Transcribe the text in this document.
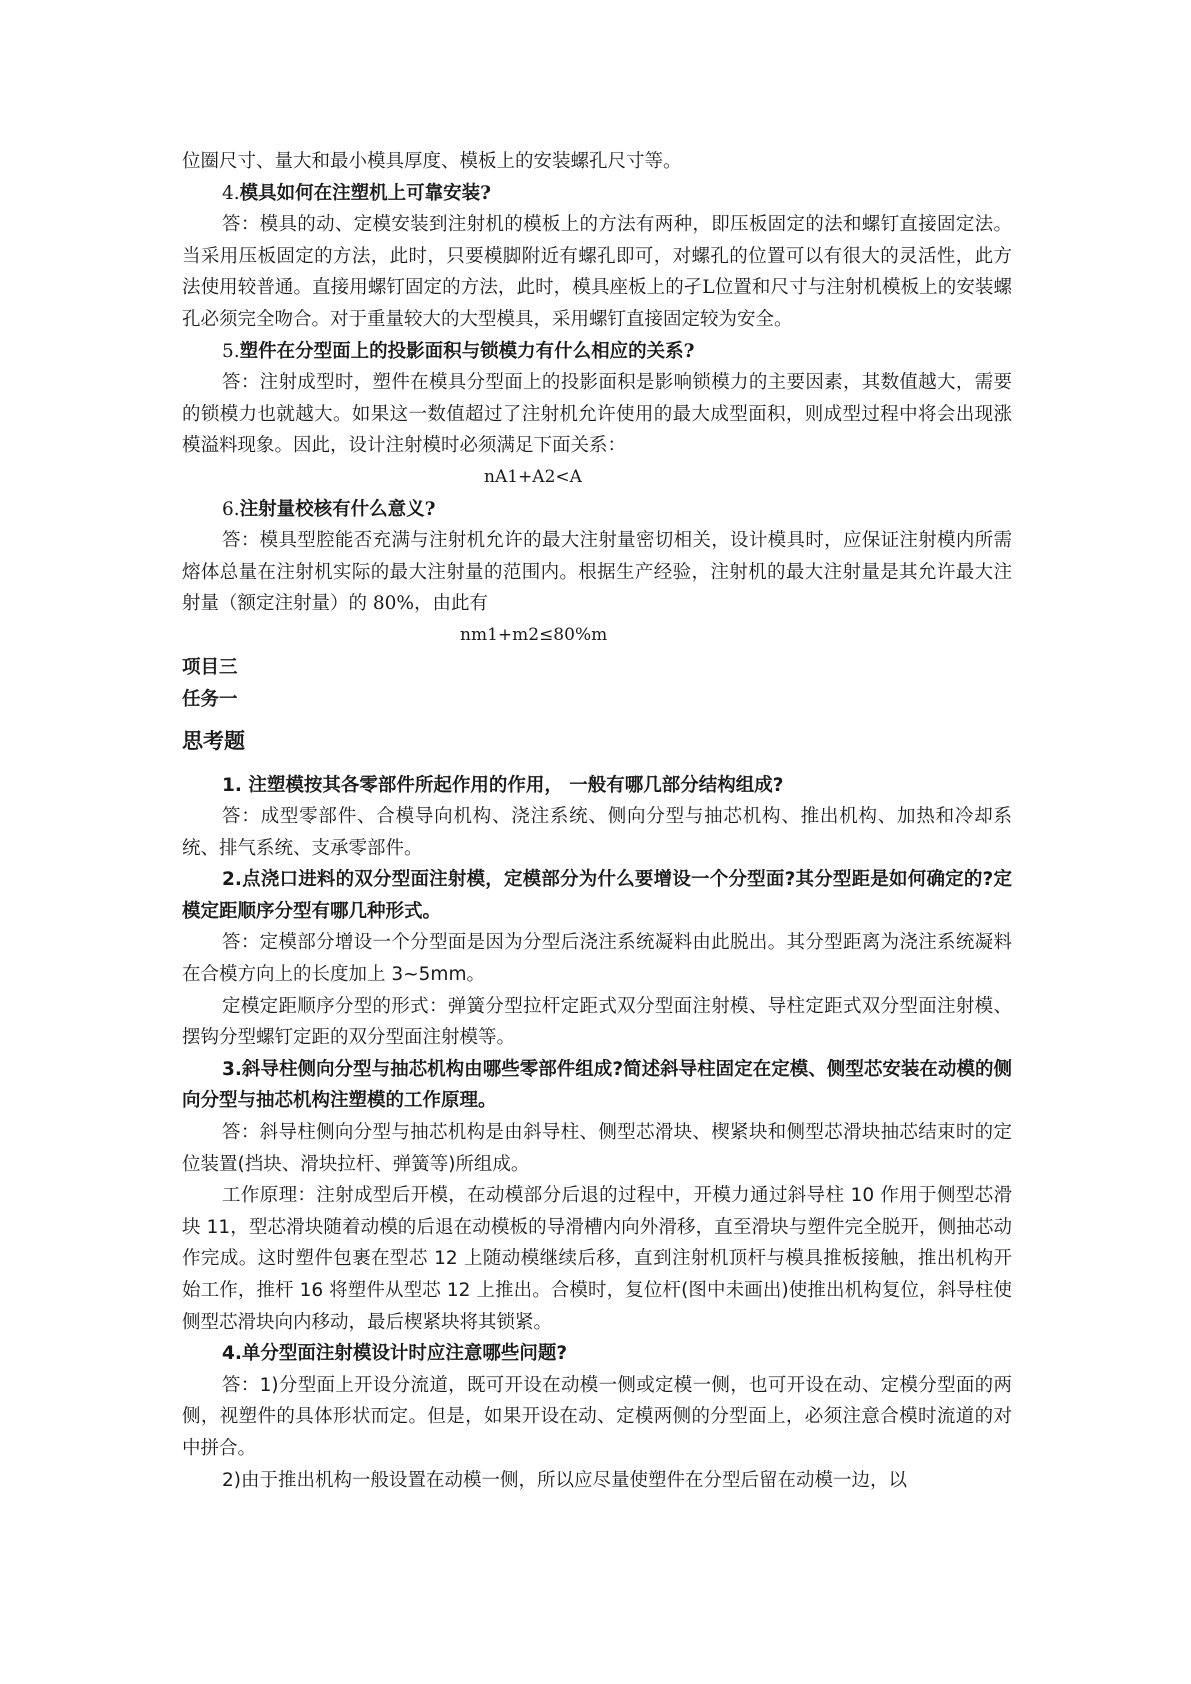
位圈尺寸、量大和最小模具厚度、模板上的安装螺孔尺寸等。

4.模具如何在注塑机上可靠安装?

答：模具的动、定模安装到注射机的模板上的方法有两种，即压板固定的法和螺钉直接固定法。当采用压板固定的方法，此时，只要模脚附近有螺孔即可，对螺孔的位置可以有很大的灵活性，此方法使用较普通。直接用螺钉固定的方法，此时，模具座板上的孑L位置和尺寸与注射机模板上的安装螺孔必须完全吻合。对于重量较大的大型模具，采用螺钉直接固定较为安全。

5.塑件在分型面上的投影面积与锁模力有什么相应的关系?

答：注射成型时，塑件在模具分型面上的投影面积是影响锁模力的主要因素，其数值越大，需要的锁模力也就越大。如果这一数值超过了注射机允许使用的最大成型面积，则成型过程中将会出现涨模溢料现象。因此，设计注射模时必须满足下面关系：

nA1+A2<A

6.注射量校核有什么意义?

答：模具型腔能否充满与注射机允许的最大注射量密切相关，设计模具时，应保证注射模内所需熔体总量在注射机实际的最大注射量的范围内。根据生产经验，注射机的最大注射量是其允许最大注射量（额定注射量）的 80%，由此有

nm1+m2≤80%m

项目三

任务一

思考题

1. 注塑模按其各零部件所起作用的作用， 一般有哪几部分结构组成?

答：成型零部件、合模导向机构、浇注系统、侧向分型与抽芯机构、推出机构、加热和冷却系统、排气系统、支承零部件。

2.点浇口进料的双分型面注射模，定模部分为什么要增设一个分型面?其分型距是如何确定的?定模定距顺序分型有哪几种形式。

答：定模部分增设一个分型面是因为分型后浇注系统凝料由此脱出。其分型距离为浇注系统凝料在合模方向上的长度加上 3~5mm。

定模定距顺序分型的形式：弹簧分型拉杆定距式双分型面注射模、导柱定距式双分型面注射模、摆钩分型螺钉定距的双分型面注射模等。

3.斜导柱侧向分型与抽芯机构由哪些零部件组成?简述斜导柱固定在定模、侧型芯安装在动模的侧向分型与抽芯机构注塑模的工作原理。

答：斜导柱侧向分型与抽芯机构是由斜导柱、侧型芯滑块、楔紧块和侧型芯滑块抽芯结束时的定位装置(挡块、滑块拉杆、弹簧等)所组成。

工作原理：注射成型后开模，在动模部分后退的过程中，开模力通过斜导柱 10 作用于侧型芯滑块 11，型芯滑块随着动模的后退在动模板的导滑槽内向外滑移，直至滑块与塑件完全脱开，侧抽芯动作完成。这时塑件包裹在型芯 12 上随动模继续后移，直到注射机顶杆与模具推板接触，推出机构开始工作，推杆 16 将塑件从型芯 12 上推出。合模时，复位杆(图中未画出)使推出机构复位，斜导柱使侧型芯滑块向内移动，最后楔紧块将其锁紧。

4.单分型面注射模设计时应注意哪些问题?

答：1)分型面上开设分流道，既可开设在动模一侧或定模一侧，也可开设在动、定模分型面的两侧，视塑件的具体形状而定。但是，如果开设在动、定模两侧的分型面上，必须注意合模时流道的对中拼合。

2)由于推出机构一般设置在动模一侧，所以应尽量使塑件在分型后留在动模一边，以
